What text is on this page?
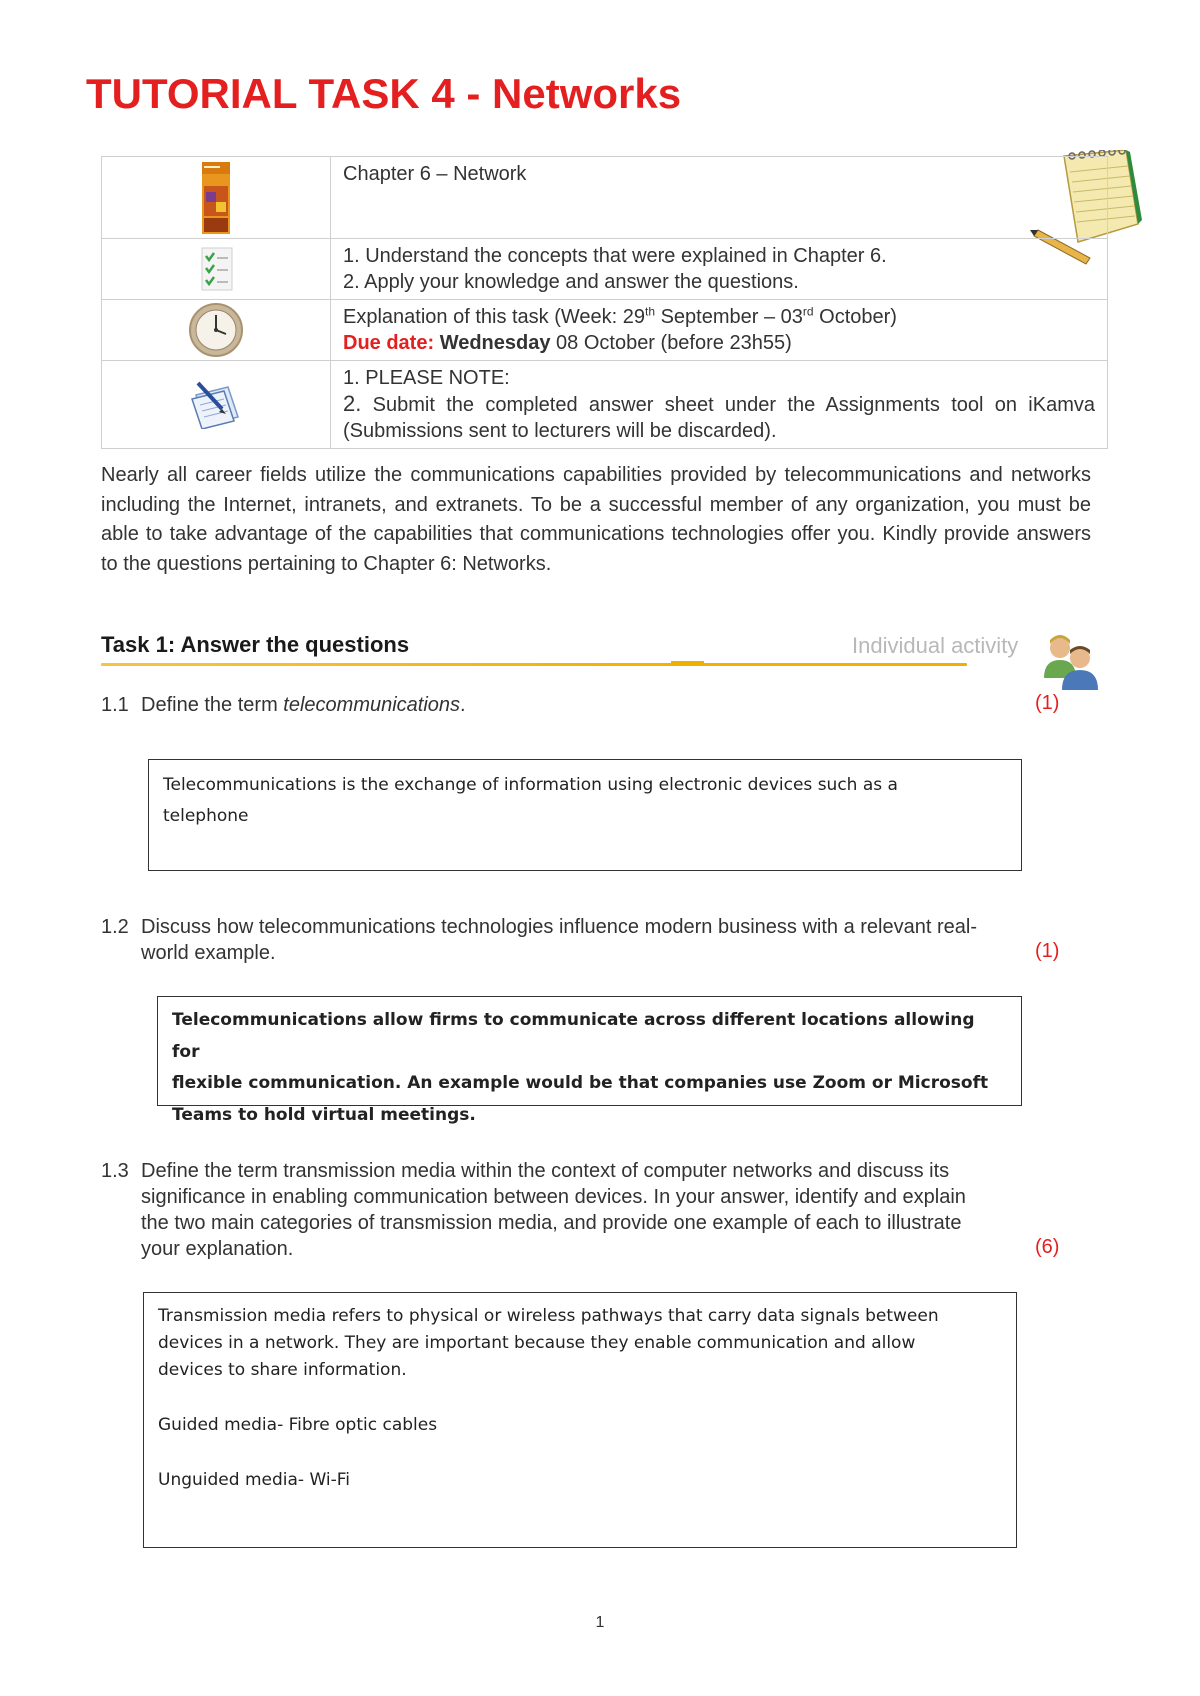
TUTORIAL TASK 4 - Networks
	Chapter 6 – Network

1. Understand the concepts that were explained in Chapter 6.
2. Apply your knowledge and answer the questions.

Explanation of this task (Week: 29th September – 03rd October)
Due date: Wednesday 08 October (before 23h55)

1. PLEASE NOTE:
2. Submit the completed answer sheet under the Assignments tool on iKamva (Submissions sent to lecturers will be discarded).
Nearly all career fields utilize the communications capabilities provided by telecommunications and networks including the Internet, intranets, and extranets. To be a successful member of any organization, you must be able to take advantage of the capabilities that communications technologies offer you. Kindly provide answers to the questions pertaining to Chapter 6: Networks.
Task 1: Answer the questions	Individual activity
1.1 Define the term telecommunications.	(1)
Telecommunications is the exchange of information using electronic devices such as a
telephone
1.2 Discuss how telecommunications technologies influence modern business with a relevant real-
world example.	(1)
Telecommunications allow firms to communicate across different locations allowing for
flexible communication. An example would be that companies use Zoom or Microsoft
Teams to hold virtual meetings.
1.3 Define the term transmission media within the context of computer networks and discuss its
significance in enabling communication between devices. In your answer, identify and explain
the two main categories of transmission media, and provide one example of each to illustrate
your explanation.	(6)
Transmission media refers to physical or wireless pathways that carry data signals between
devices in a network. They are important because they enable communication and allow
devices to share information.
Guided media- Fibre optic cables
Unguided media- Wi-Fi
1
